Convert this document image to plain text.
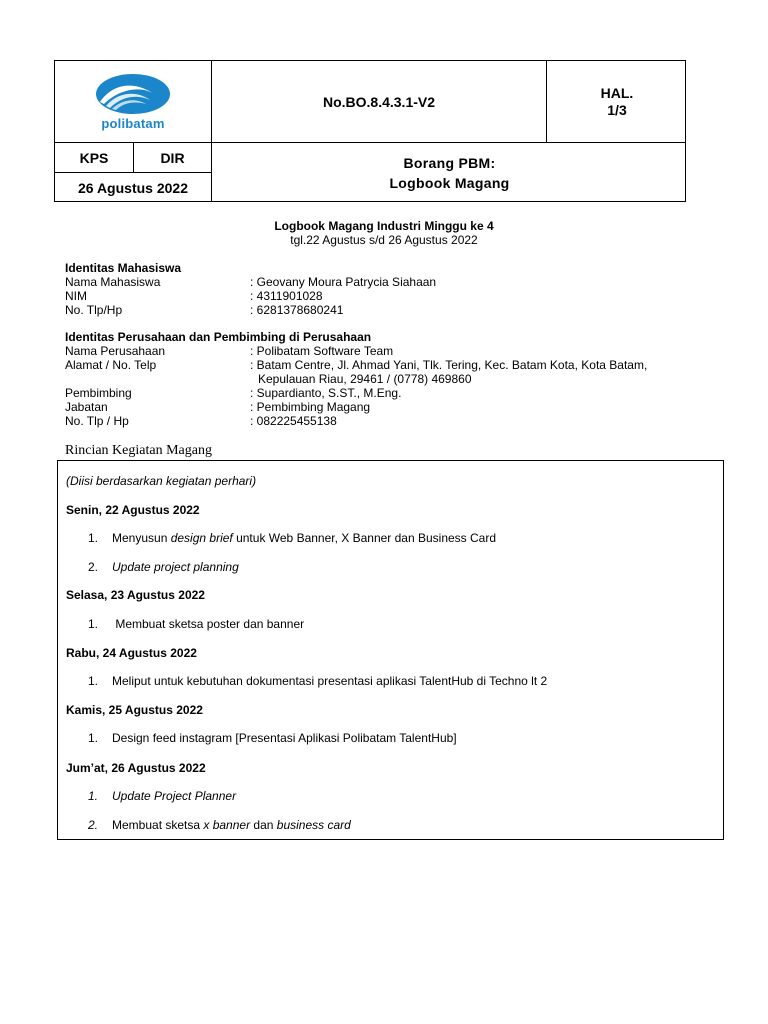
polibatam
No.BO.8.4.3.1-V2
HAL.
1/3
KPS	DIR
26 Agustus 2022
Borang PBM:
Logbook Magang
Logbook Magang Industri Minggu ke 4
tgl.22 Agustus s/d 26 Agustus 2022
Identitas Mahasiswa
Nama Mahasiswa	: Geovany Moura Patrycia Siahaan
NIM	: 4311901028
No. Tlp/Hp	: 6281378680241
Identitas Perusahaan dan Pembimbing di Perusahaan
Nama Perusahaan	: Polibatam Software Team
Alamat / No. Telp	: Batam Centre, Jl. Ahmad Yani, Tlk. Tering, Kec. Batam Kota, Kota Batam,
Kepulauan Riau, 29461 / (0778) 469860
Pembimbing	: Supardianto, S.ST., M.Eng.
Jabatan	: Pembimbing Magang
No. Tlp / Hp	: 082225455138
Rincian Kegiatan Magang
(Diisi berdasarkan kegiatan perhari)
Senin, 22 Agustus 2022
1. Menyusun design brief untuk Web Banner, X Banner dan Business Card
2. Update project planning
Selasa, 23 Agustus 2022
1. Membuat sketsa poster dan banner
Rabu, 24 Agustus 2022
1. Meliput untuk kebutuhan dokumentasi presentasi aplikasi TalentHub di Techno lt 2
Kamis, 25 Agustus 2022
1. Design feed instagram [Presentasi Aplikasi Polibatam TalentHub]
Jum’at, 26 Agustus 2022
1. Update Project Planner
2. Membuat sketsa x banner dan business card
